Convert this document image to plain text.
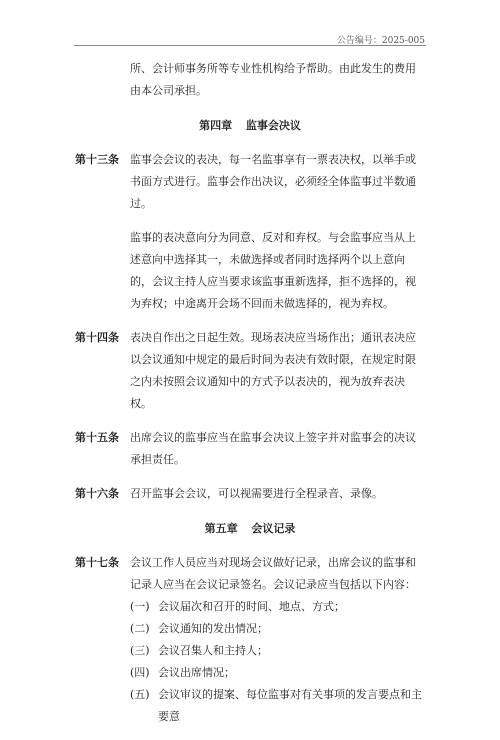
公告编号：2025-005

所、会计师事务所等专业性机构给予帮助。由此发生的费用由本公司承担。

第四章 监事会决议
第十三条	监事会会议的表决，每一名监事享有一票表决权，以举手或书面方式进行。监事会作出决议，必须经全体监事过半数通过。

监事的表决意向分为同意、反对和弃权。与会监事应当从上述意向中选择其一，未做选择或者同时选择两个以上意向的，会议主持人应当要求该监事重新选择，拒不选择的，视为弃权；中途离开会场不回而未做选择的，视为弃权。

第十四条	表决自作出之日起生效。现场表决应当场作出；通讯表决应以会议通知中规定的最后时间为表决有效时限，在规定时限之内未按照会议通知中的方式予以表决的，视为放弃表决权。
第十五条	出席会议的监事应当在监事会决议上签字并对监事会的决议承担责任。
第十六条	召开监事会会议，可以视需要进行全程录音、录像。
第五章 会议记录
第十七条	会议工作人员应当对现场会议做好记录，出席会议的监事和记录人应当在会议记录签名。会议记录应当包括以下内容：

(一) 会议届次和召开的时间、地点、方式；
(二) 会议通知的发出情况；
(三) 会议召集人和主持人；
(四) 会议出席情况；
(五) 会议审议的提案、每位监事对有关事项的发言要点和主要意
